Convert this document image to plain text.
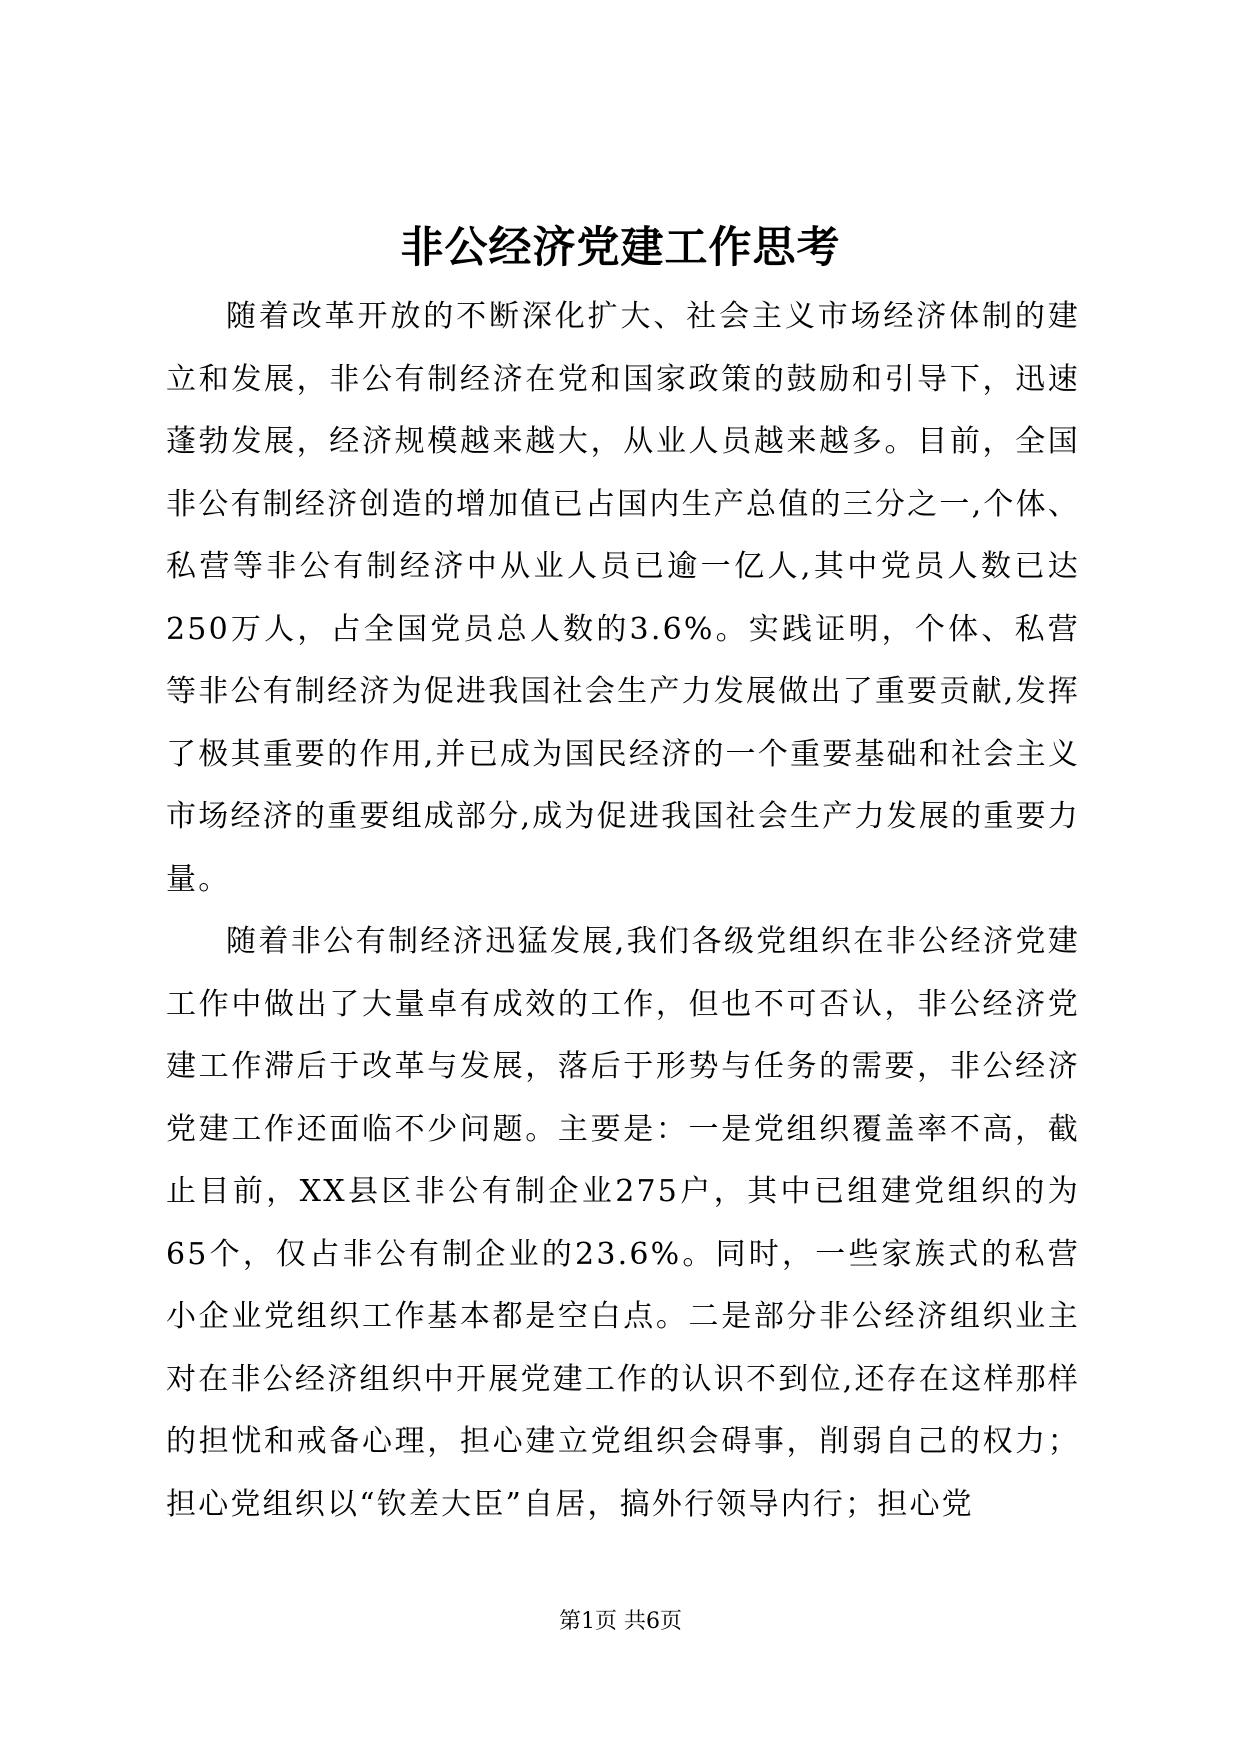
非公经济党建工作思考

随着改革开放的不断深化扩大、社会主义市场经济体制的建立和发展，非公有制经济在党和国家政策的鼓励和引导下，迅速蓬勃发展，经济规模越来越大，从业人员越来越多。目前，全国非公有制经济创造的增加值已占国内生产总值的三分之一,个体、私营等非公有制经济中从业人员已逾一亿人,其中党员人数已达250万人，占全国党员总人数的3.6%。实践证明，个体、私营等非公有制经济为促进我国社会生产力发展做出了重要贡献,发挥了极其重要的作用,并已成为国民经济的一个重要基础和社会主义市场经济的重要组成部分,成为促进我国社会生产力发展的重要力量。

随着非公有制经济迅猛发展,我们各级党组织在非公经济党建工作中做出了大量卓有成效的工作，但也不可否认，非公经济党建工作滞后于改革与发展，落后于形势与任务的需要，非公经济党建工作还面临不少问题。主要是：一是党组织覆盖率不高，截止目前，XX县区非公有制企业275户，其中已组建党组织的为65个，仅占非公有制企业的23.6%。同时，一些家族式的私营小企业党组织工作基本都是空白点。二是部分非公经济组织业主对在非公经济组织中开展党建工作的认识不到位,还存在这样那样的担忧和戒备心理，担心建立党组织会碍事，削弱自己的权力；担心党组织以“钦差大臣”自居，搞外行领导内行；担心党

第1页 共6页
